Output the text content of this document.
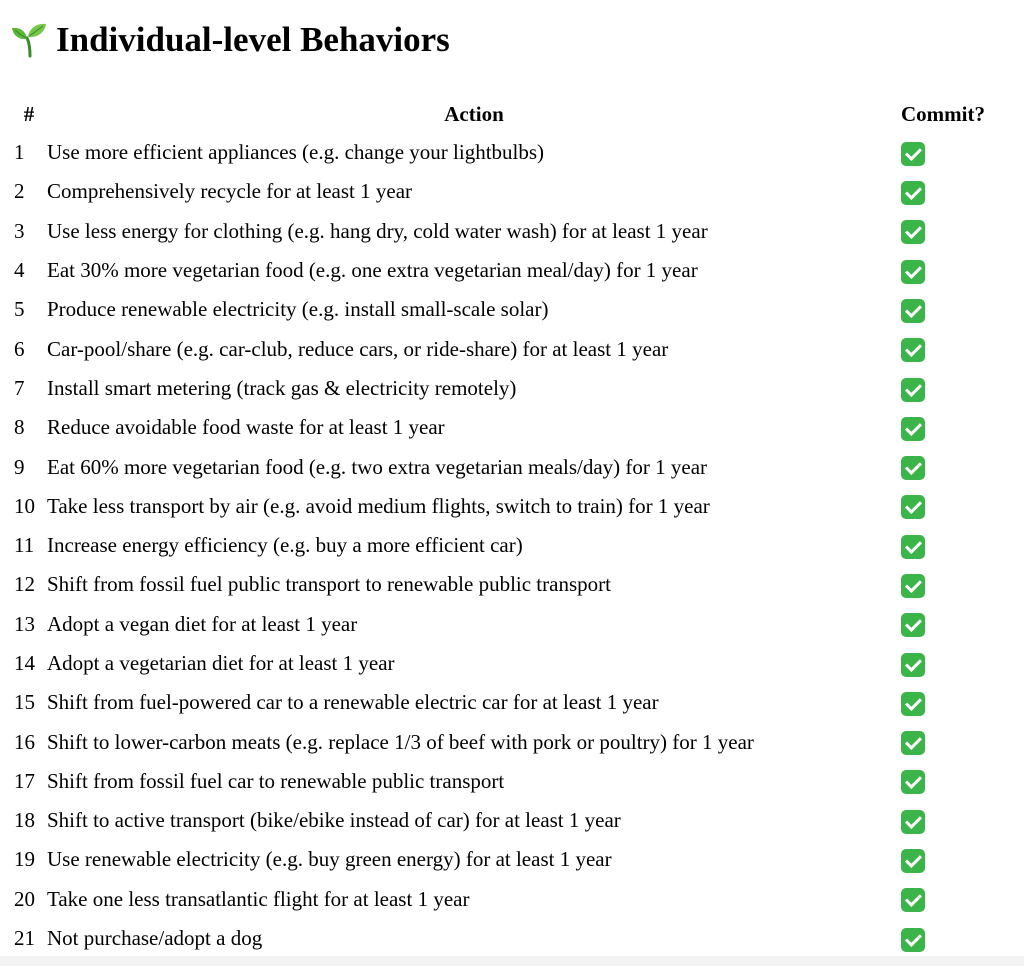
Individual-level Behaviors
#	Action	Commit?
1	Use more efficient appliances (e.g. change your lightbulbs)	
2	Comprehensively recycle for at least 1 year	
3	Use less energy for clothing (e.g. hang dry, cold water wash) for at least 1 year	
4	Eat 30% more vegetarian food (e.g. one extra vegetarian meal/day) for 1 year	
5	Produce renewable electricity (e.g. install small-scale solar)	
6	Car-pool/share (e.g. car-club, reduce cars, or ride-share) for at least 1 year	
7	Install smart metering (track gas & electricity remotely)	
8	Reduce avoidable food waste for at least 1 year	
9	Eat 60% more vegetarian food (e.g. two extra vegetarian meals/day) for 1 year	
10	Take less transport by air (e.g. avoid medium flights, switch to train) for 1 year	
11	Increase energy efficiency (e.g. buy a more efficient car)	
12	Shift from fossil fuel public transport to renewable public transport	
13	Adopt a vegan diet for at least 1 year	
14	Adopt a vegetarian diet for at least 1 year	
15	Shift from fuel-powered car to a renewable electric car for at least 1 year	
16	Shift to lower-carbon meats (e.g. replace 1/3 of beef with pork or poultry) for 1 year	
17	Shift from fossil fuel car to renewable public transport	
18	Shift to active transport (bike/ebike instead of car) for at least 1 year	
19	Use renewable electricity (e.g. buy green energy) for at least 1 year	
20	Take one less transatlantic flight for at least 1 year	
21	Not purchase/adopt a dog	
